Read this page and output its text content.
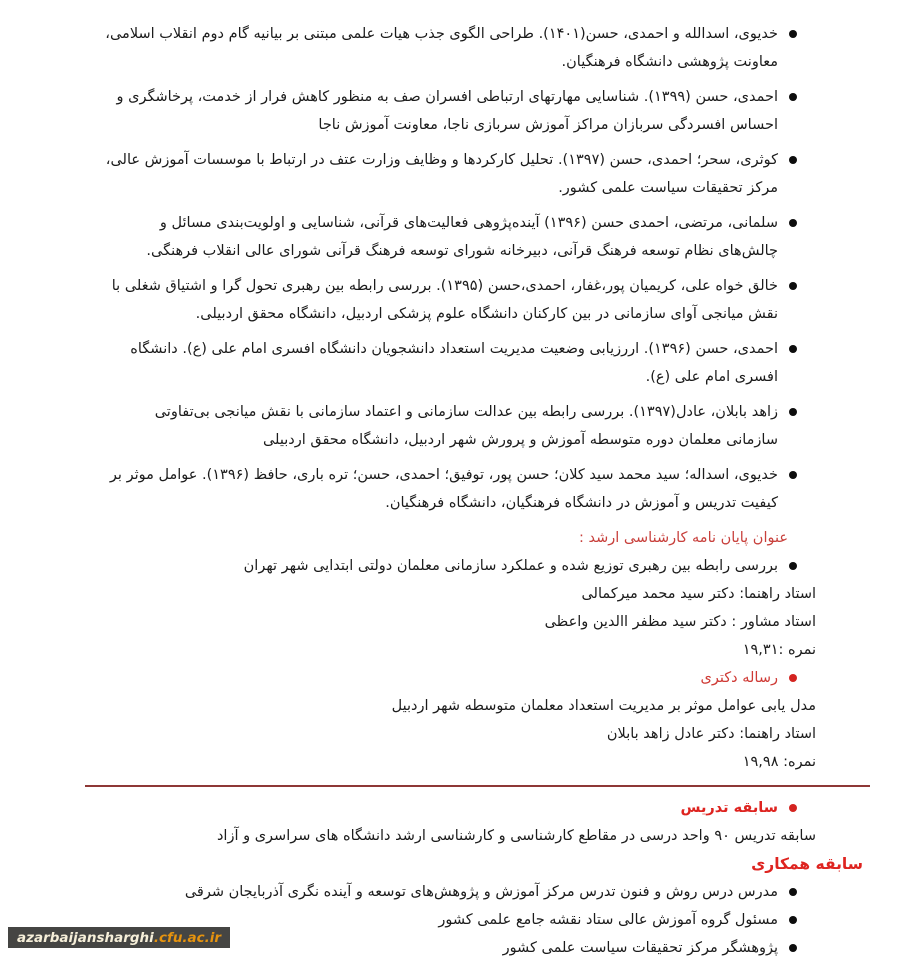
خدیوی، اسدالله و احمدی، حسن(۱۴۰۱). طراحی الگوی جذب هیات علمی مبتنی بر بیانیه گام دوم انقلاب اسلامی، معاونت پژوهشی دانشگاه فرهنگیان.
احمدی، حسن (۱۳۹۹). شناسایی مهارتهای ارتباطی افسران صف به منظور کاهش فرار از خدمت، پرخاشگری و احساس افسردگی سربازان مراکز آموزش سربازی ناجا، معاونت آموزش ناجا
کوثری، سحر؛ احمدی، حسن (۱۳۹۷). تحلیل کارکردها و وظایف وزارت عتف در ارتباط با موسسات آموزش عالی، مرکز تحقیقات سیاست علمی کشور.
سلمانی، مرتضی، احمدی حسن (۱۳۹۶) آینده‌پژوهی فعالیت‌های قرآنی، شناسایی و اولویت‌بندی مسائل و چالش‌های نظام توسعه فرهنگ قرآنی، دبیرخانه شورای توسعه فرهنگ قرآنی شورای عالی انقلاب فرهنگی.
خالق خواه علی، کریمیان پور،غفار، احمدی،حسن (۱۳۹۵). بررسی رابطه بین رهبری تحول گرا و اشتیاق شغلی با نقش میانجی آوای سازمانی در بین کارکنان دانشگاه علوم پزشکی اردبیل، دانشگاه محقق اردبیلی.
احمدی، حسن (۱۳۹۶). اررزیابی وضعیت مدیریت استعداد دانشجویان دانشگاه افسری امام علی (ع). دانشگاه افسری امام علی (ع).
زاهد بابلان، عادل(۱۳۹۷). بررسی رابطه بین عدالت سازمانی و اعتماد سازمانی با نقش میانجی بی‌تفاوتی سازمانی معلمان دوره متوسطه آموزش و پرورش شهر اردبیل، دانشگاه محقق اردبیلی
خدیوی، اسداله؛ سید محمد سید کلان؛ حسن پور، توفیق؛ احمدی، حسن؛ تره باری، حافظ (۱۳۹۶). عوامل موثر بر کیفیت تدریس و آموزش در دانشگاه فرهنگیان، دانشگاه فرهنگیان.
عنوان پایان نامه کارشناسی ارشد :
بررسی رابطه بین رهبری توزیع شده و عملکرد سازمانی معلمان دولتی ابتدایی شهر تهران
استاد راهنما: دکتر سید محمد میرکمالی
استاد مشاور : دکتر سید مظفر االدین واعظی
نمره :۱۹,۳۱
رساله دکتری
مدل یابی عوامل موثر بر مدیریت استعداد معلمان متوسطه شهر اردبیل
استاد راهنما: دکتر عادل زاهد بابلان
نمره: ۱۹,۹۸
سابقه تدریس
سابقه تدریس ۹۰ واحد درسی در مقاطع کارشناسی و کارشناسی ارشد دانشگاه های سراسری و آزاد
سابقه همکاری
مدرس درس روش و فنون تدرس مرکز آموزش و پژوهش‌های توسعه و آینده نگری آذربایجان شرقی
مسئول گروه آموزش عالی ستاد نقشه جامع علمی کشور
پژوهشگر مرکز تحقیقات سیاست علمی کشور
azarbaijansharghi .cfu.ac.ir
